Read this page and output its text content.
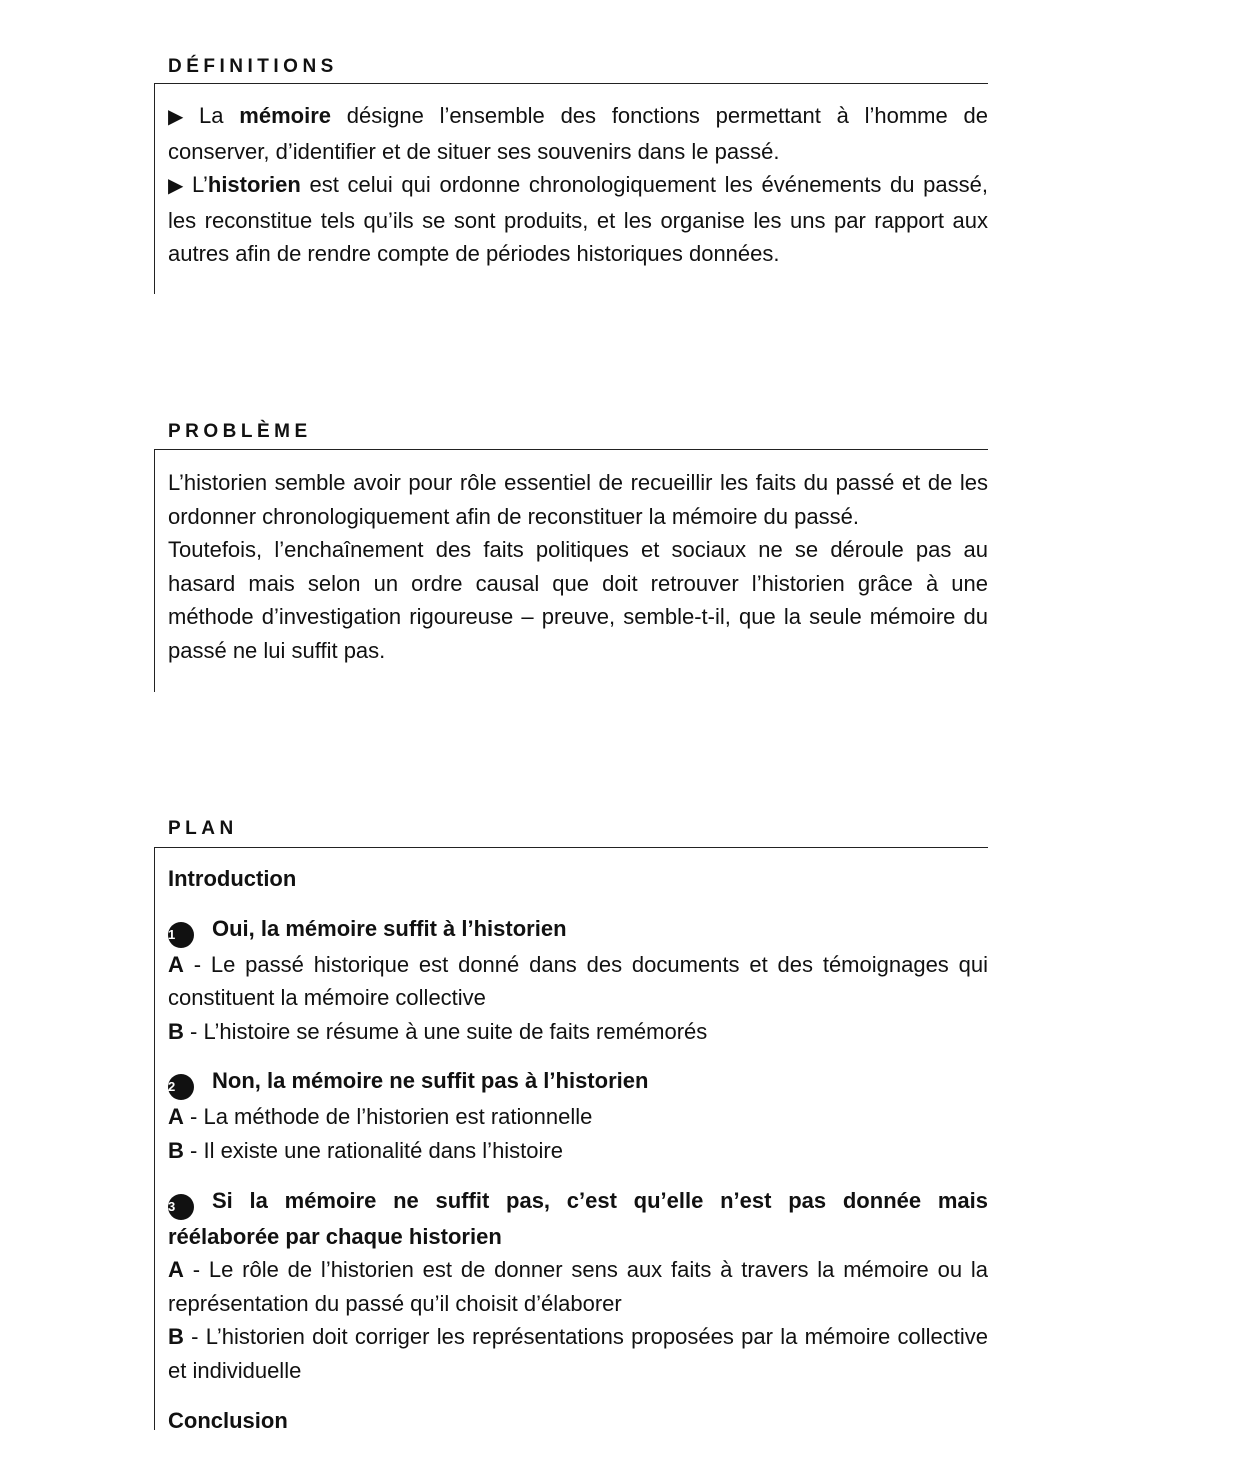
DÉFINITIONS

▶ La mémoire désigne l’ensemble des fonctions permettant à l’homme de conserver, d’identifier et de situer ses souvenirs dans le passé.

▶ L’historien est celui qui ordonne chronologiquement les événements du passé, les reconstitue tels qu’ils se sont produits, et les organise les uns par rapport aux autres afin de rendre compte de périodes historiques données.

PROBLÈME

L’historien semble avoir pour rôle essentiel de recueillir les faits du passé et de les ordonner chronologiquement afin de reconstituer la mémoire du passé.

Toutefois, l’enchaînement des faits politiques et sociaux ne se déroule pas au hasard mais selon un ordre causal que doit retrouver l’historien grâce à une méthode d’investigation rigoureuse – preuve, semble-t-il, que la seule mémoire du passé ne lui suffit pas.

PLAN

Introduction

1 Oui, la mémoire suffit à l’historien

A - Le passé historique est donné dans des documents et des témoignages qui constituent la mémoire collective

B - L’histoire se résume à une suite de faits remémorés

2 Non, la mémoire ne suffit pas à l’historien

A - La méthode de l’historien est rationnelle

B - Il existe une rationalité dans l’histoire

3 Si la mémoire ne suffit pas, c’est qu’elle n’est pas donnée mais réélaborée par chaque historien

A - Le rôle de l’historien est de donner sens aux faits à travers la mémoire ou la représentation du passé qu’il choisit d’élaborer

B - L’historien doit corriger les représentations proposées par la mémoire collective et individuelle

Conclusion
